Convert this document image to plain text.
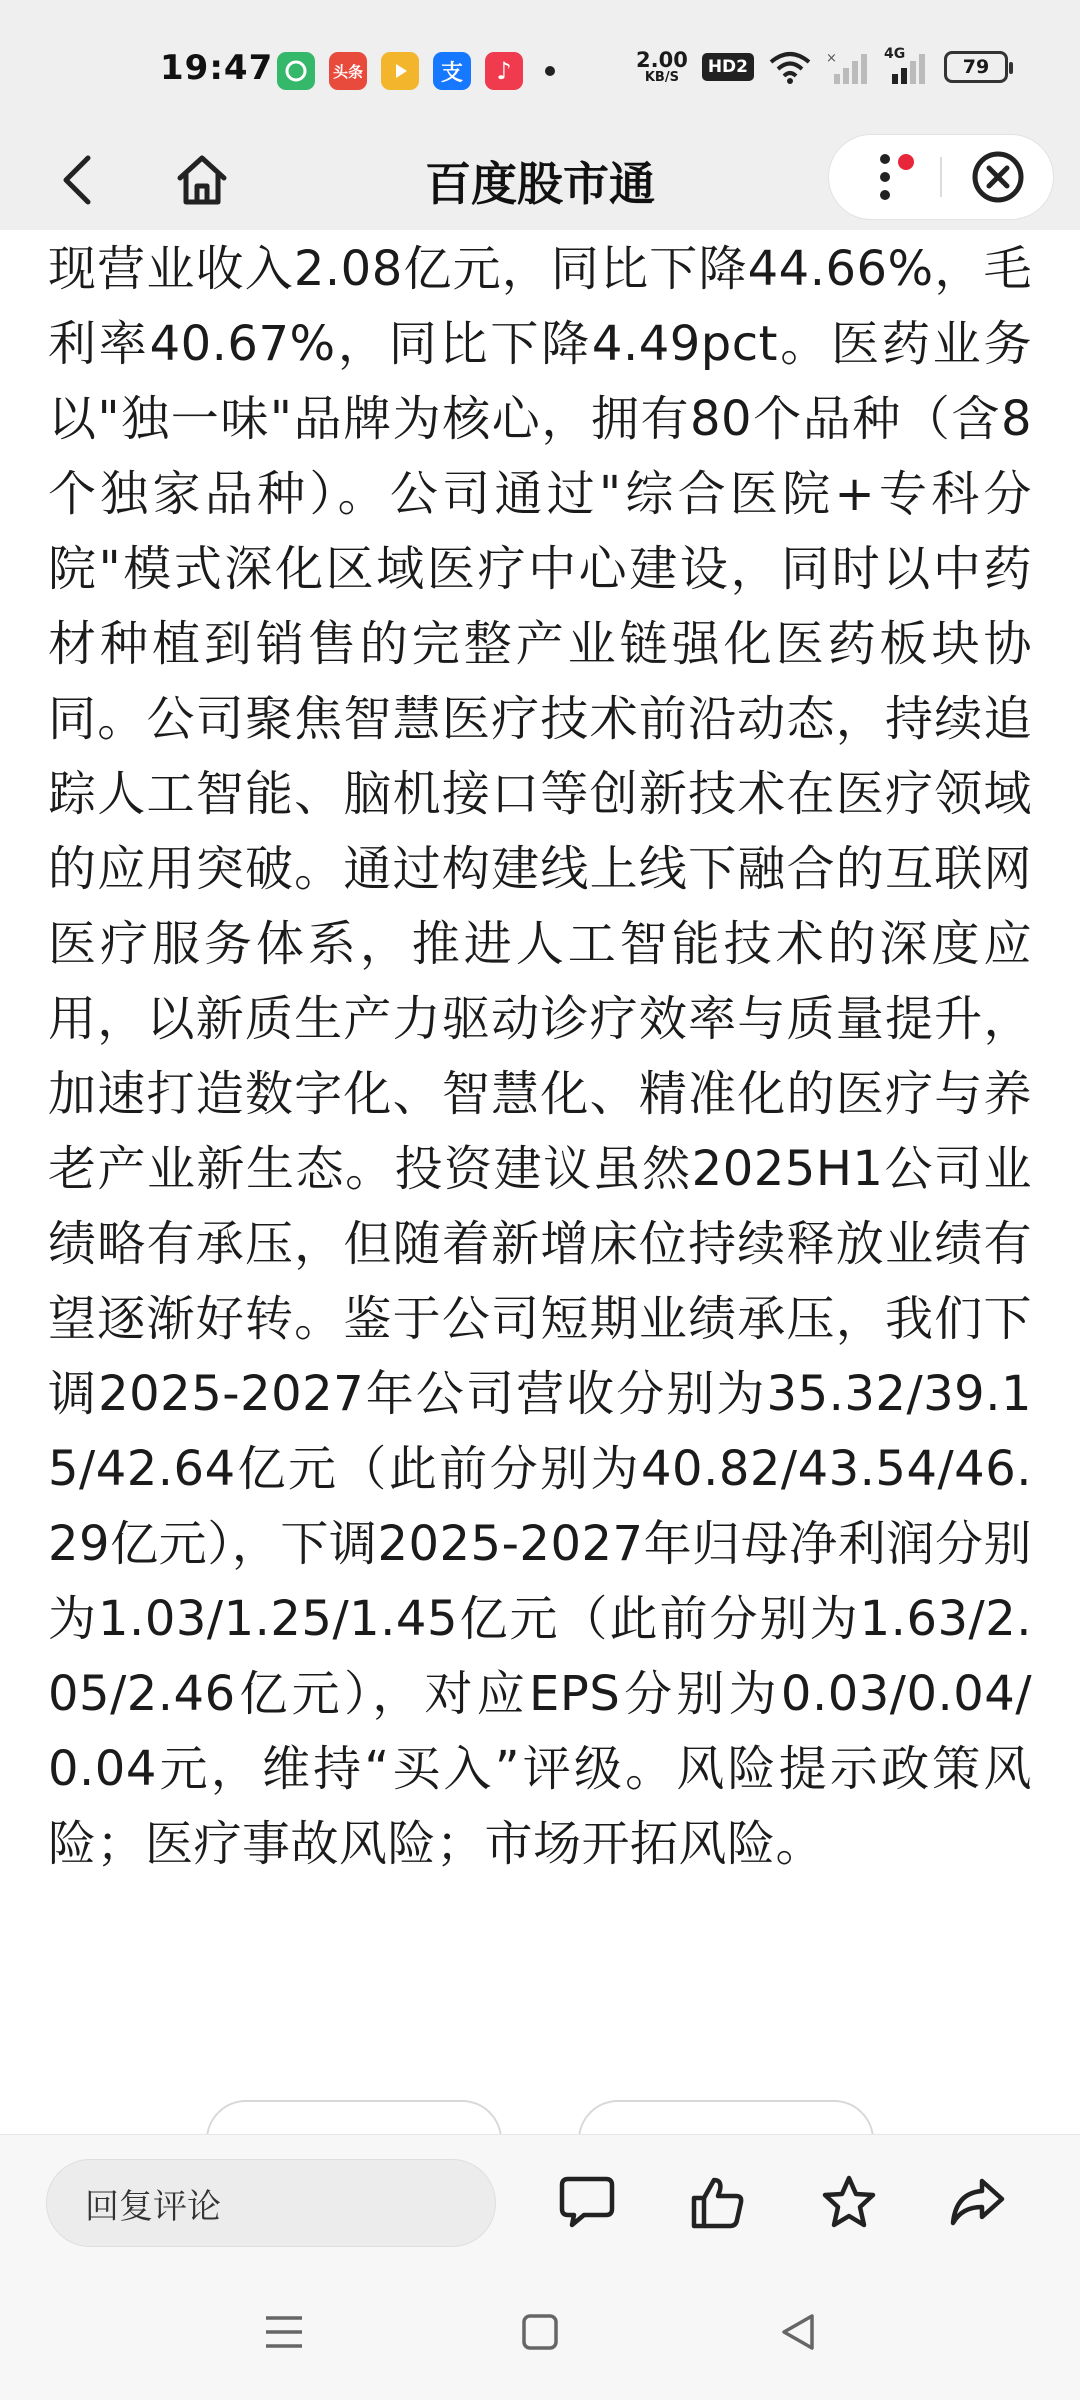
19:47	头条	支	♪	2.00
KB/S
HD2	×	4G
79
百度股市通
现营业收入2.08亿元，同比下降44.66%，毛利率40.67%，同比下降4.49pct。医药业务以"独一味"品牌为核心，拥有80个品种（含8个独家品种）。公司通过"综合医院+专科分院"模式深化区域医疗中心建设，同时以中药材种植到销售的完整产业链强化医药板块协同。公司聚焦智慧医疗技术前沿动态，持续追踪人工智能、脑机接口等创新技术在医疗领域的应用突破。通过构建线上线下融合的互联网医疗服务体系，推进人工智能技术的深度应用，以新质生产力驱动诊疗效率与质量提升，加速打造数字化、智慧化、精准化的医疗与养老产业新生态。投资建议虽然2025H1公司业绩略有承压，但随着新增床位持续释放业绩有望逐渐好转。鉴于公司短期业绩承压，我们下调2025-2027年公司营收分别为35.32/39.15/42.64亿元（此前分别为40.82/43.54/46.29亿元），下调2025-2027年归母净利润分别为1.03/1.25/1.45亿元（此前分别为1.63/2.05/2.46亿元），对应EPS分别为0.03/0.04/0.04元，维持“买入”评级。风险提示政策风险；医疗事故风险；市场开拓风险。
回复评论
